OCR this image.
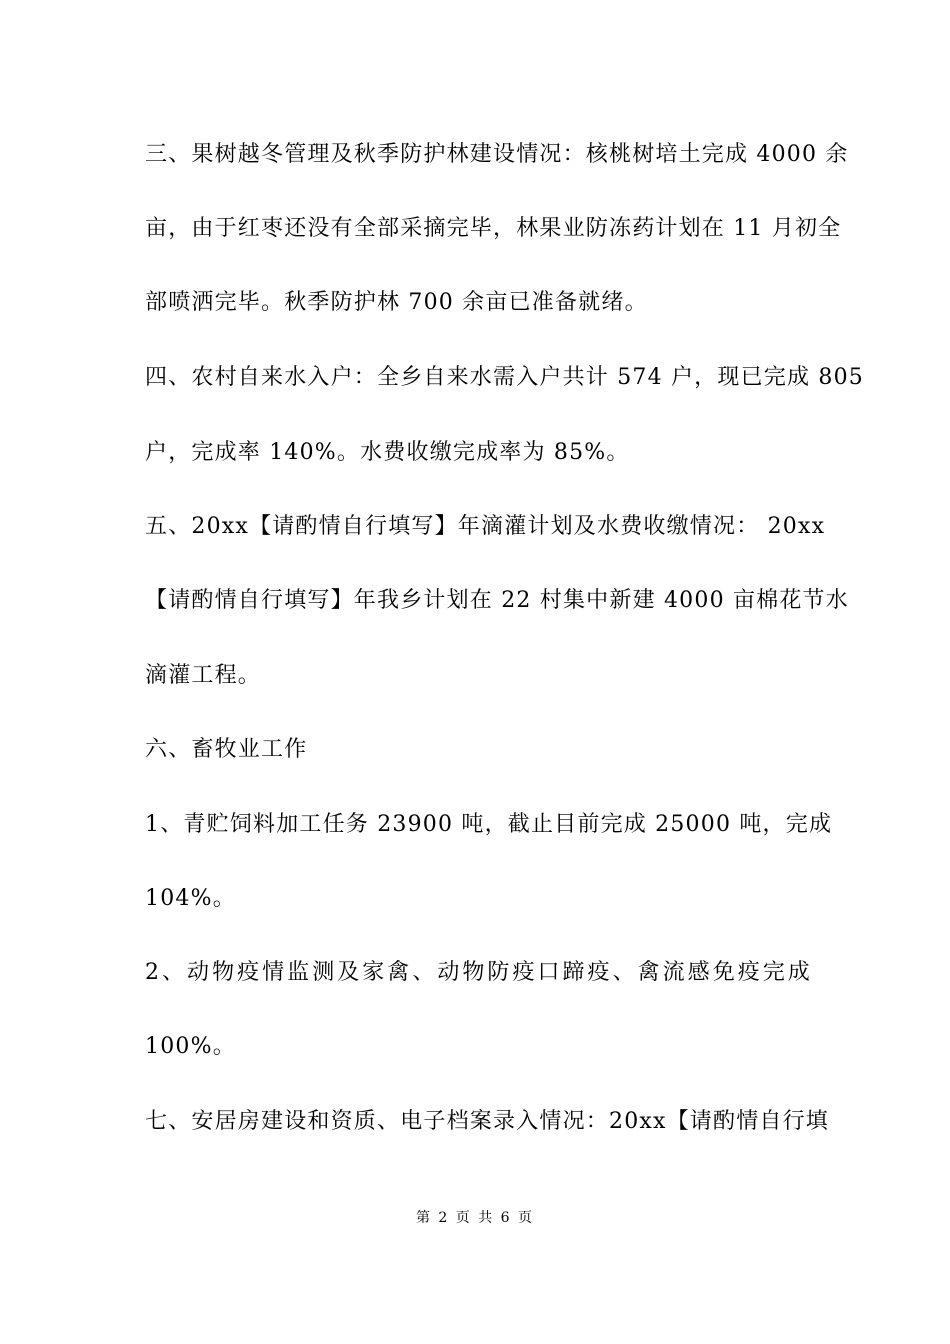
三、果树越冬管理及秋季防护林建设情况：核桃树培土完成 4000 余
亩，由于红枣还没有全部采摘完毕，林果业防冻药计划在 11 月初全
部喷洒完毕。秋季防护林 700 余亩已准备就绪。
四、农村自来水入户：全乡自来水需入户共计 574 户，现已完成 805
户，完成率 140%。水费收缴完成率为 85%。
五、20xx【请酌情自行填写】年滴灌计划及水费收缴情况： 20xx
【请酌情自行填写】年我乡计划在 22 村集中新建 4000 亩棉花节水
滴灌工程。
六、畜牧业工作
1、青贮饲料加工任务 23900 吨，截止目前完成 25000 吨，完成
104%。
2、动物疫情监测及家禽、动物防疫口蹄疫、禽流感免疫完成
100%。
七、安居房建设和资质、电子档案录入情况：20xx【请酌情自行填
第 2 页 共 6 页
